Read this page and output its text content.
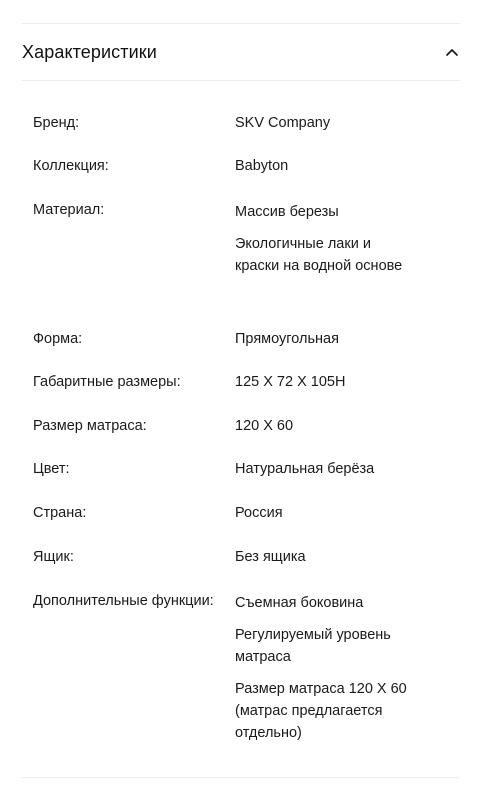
Характеристики
Бренд:	SKV Company
Коллекция:	Babyton
Материал:	Массив березы
Экологичные лаки и краски на водной основе
Форма:	Прямоугольная
Габаритные размеры:	125 Х 72 Х 105Н
Размер матраса:	120 Х 60
Цвет:	Натуральная берёза
Страна:	Россия
Ящик:	Без ящика
Дополнительные функции: Съемная боковина
Регулируемый уровень матраса
Размер матраса 120 Х 60 (матрас предлагается отдельно)
